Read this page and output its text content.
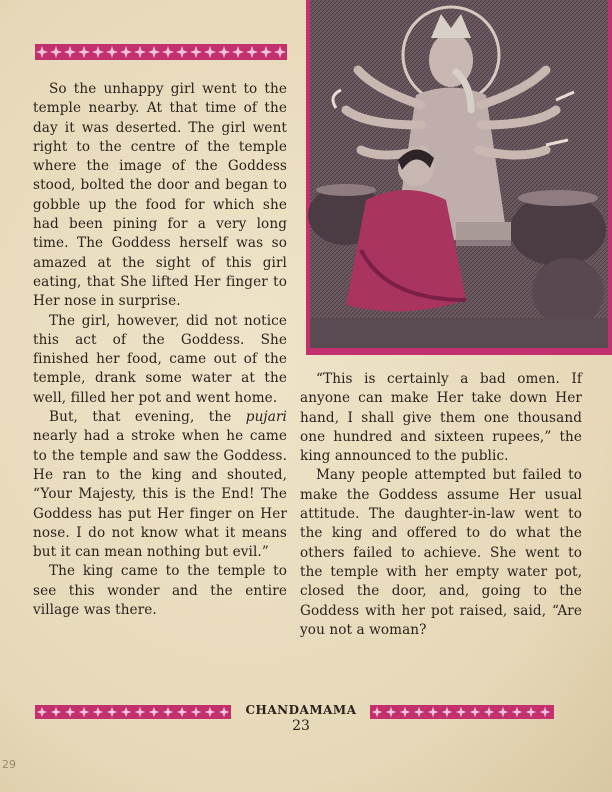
So the unhappy girl went to the temple nearby. At that time of the day it was deserted. The girl went right to the centre of the temple where the image of the Goddess stood, bolted the door and began to gobble up the food for which she had been pining for a very long time. The Goddess herself was so amazed at the sight of this girl eating, that She lifted Her finger to Her nose in surprise.

The girl, however, did not notice this act of the Goddess. She finished her food, came out of the temple, drank some water at the well, filled her pot and went home.

But, that evening, the pujari nearly had a stroke when he came to the temple and saw the Goddess. He ran to the king and shouted, “Your Majesty, this is the End! The Goddess has put Her finger on Her nose. I do not know what it means but it can mean nothing but evil.”

The king came to the temple to see this wonder and the entire village was there.

“This is certainly a bad omen. If anyone can make Her take down Her hand, I shall give them one thousand one hundred and sixteen rupees,” the king announced to the public.

Many people attempted but failed to make the Goddess assume Her usual attitude. The daughter-in-law went to the king and offered to do what the others failed to achieve. She went to the temple with her empty water pot, closed the door, and, going to the Goddess with her pot raised, said, “Are you not a woman?

CHANDAMAMA
23
29
